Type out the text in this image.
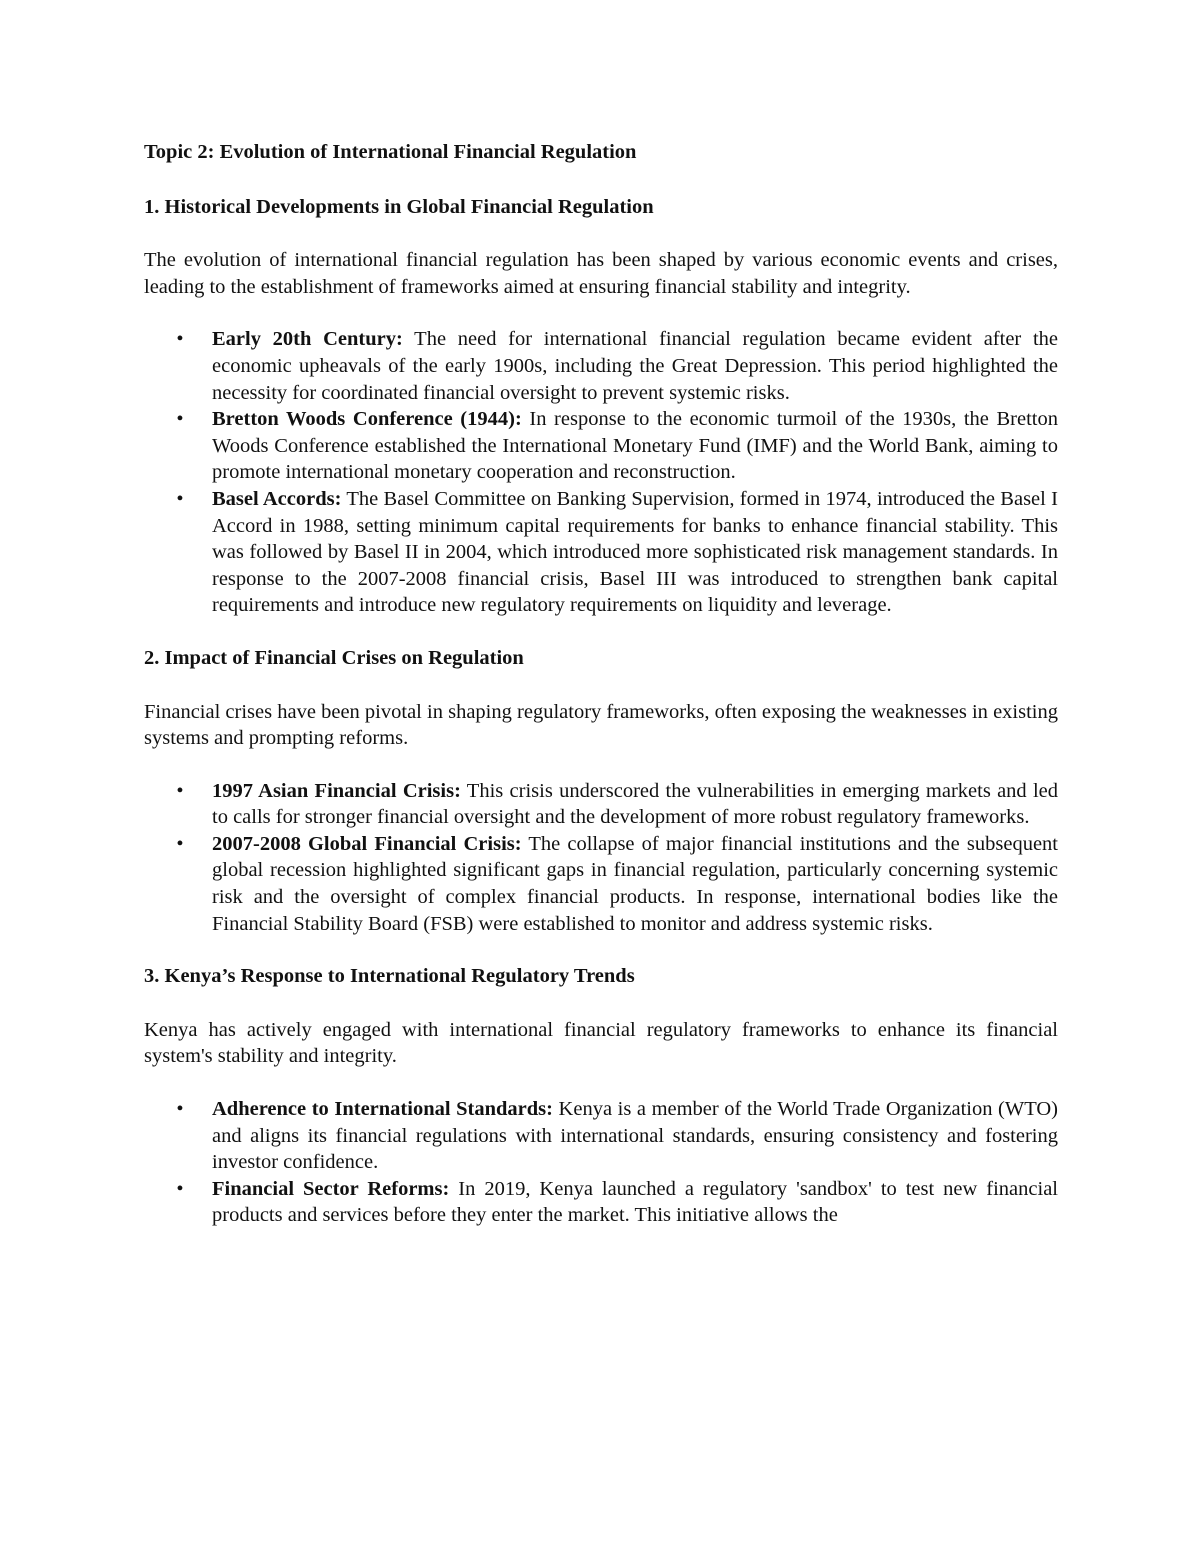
Topic 2: Evolution of International Financial Regulation

1. Historical Developments in Global Financial Regulation

The evolution of international financial regulation has been shaped by various economic events and crises, leading to the establishment of frameworks aimed at ensuring financial stability and integrity.

• Early 20th Century: The need for international financial regulation became evident after the economic upheavals of the early 1900s, including the Great Depression. This period highlighted the necessity for coordinated financial oversight to prevent systemic risks.
• Bretton Woods Conference (1944): In response to the economic turmoil of the 1930s, the Bretton Woods Conference established the International Monetary Fund (IMF) and the World Bank, aiming to promote international monetary cooperation and reconstruction.
• Basel Accords: The Basel Committee on Banking Supervision, formed in 1974, introduced the Basel I Accord in 1988, setting minimum capital requirements for banks to enhance financial stability. This was followed by Basel II in 2004, which introduced more sophisticated risk management standards. In response to the 2007-2008 financial crisis, Basel III was introduced to strengthen bank capital requirements and introduce new regulatory requirements on liquidity and leverage.

2. Impact of Financial Crises on Regulation

Financial crises have been pivotal in shaping regulatory frameworks, often exposing the weaknesses in existing systems and prompting reforms.

• 1997 Asian Financial Crisis: This crisis underscored the vulnerabilities in emerging markets and led to calls for stronger financial oversight and the development of more robust regulatory frameworks.
• 2007-2008 Global Financial Crisis: The collapse of major financial institutions and the subsequent global recession highlighted significant gaps in financial regulation, particularly concerning systemic risk and the oversight of complex financial products. In response, international bodies like the Financial Stability Board (FSB) were established to monitor and address systemic risks.

3. Kenya’s Response to International Regulatory Trends

Kenya has actively engaged with international financial regulatory frameworks to enhance its financial system's stability and integrity.

• Adherence to International Standards: Kenya is a member of the World Trade Organization (WTO) and aligns its financial regulations with international standards, ensuring consistency and fostering investor confidence.
• Financial Sector Reforms: In 2019, Kenya launched a regulatory 'sandbox' to test new financial products and services before they enter the market. This initiative allows the
